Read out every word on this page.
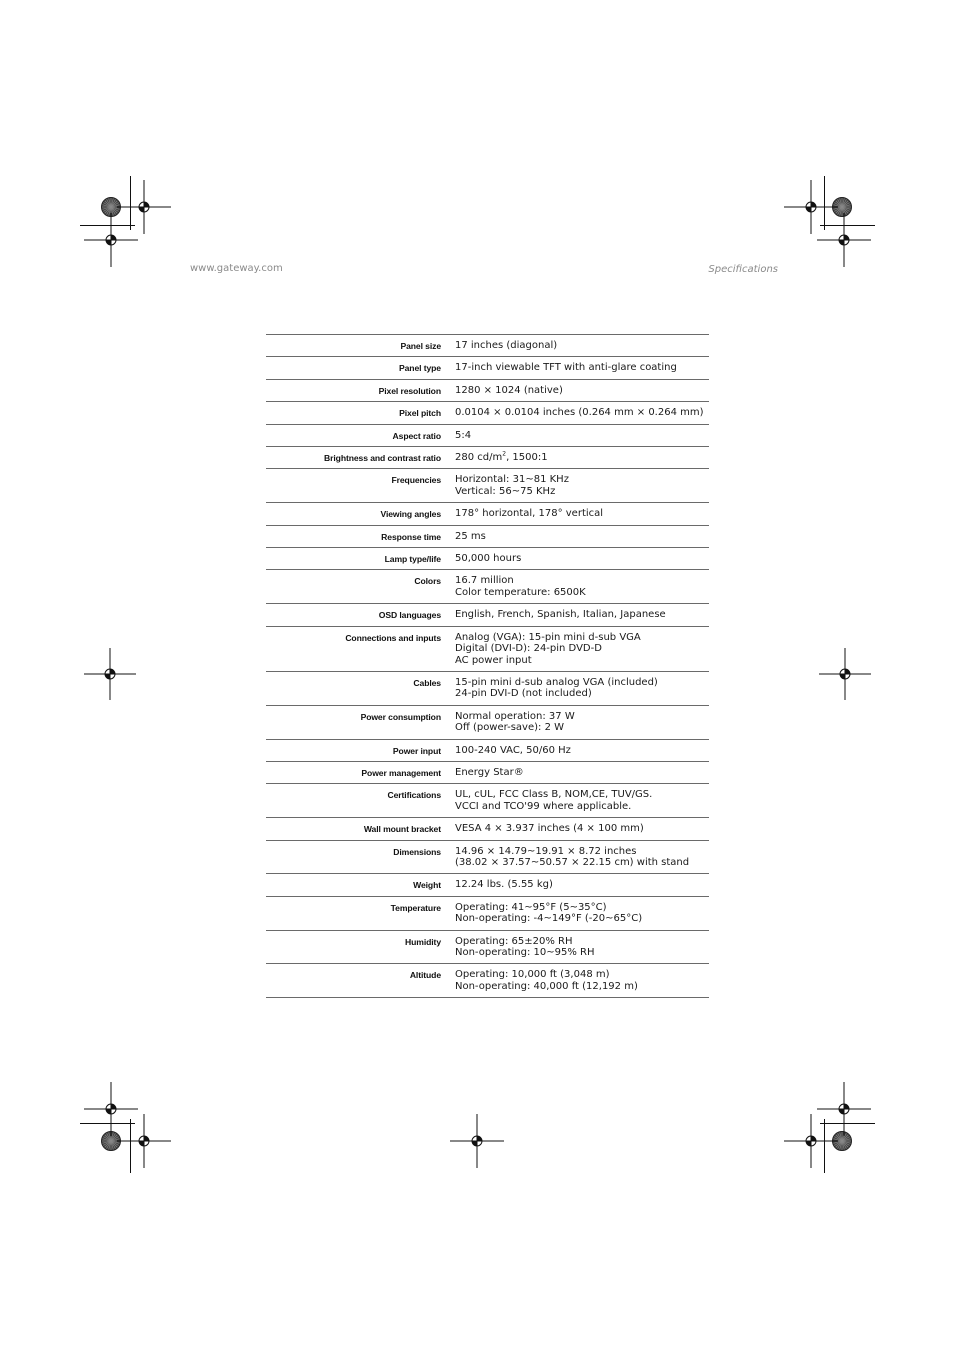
www.gateway.com	Specifications
Panel size 17 inches (diagonal)
Panel type 17-inch viewable TFT with anti-glare coating
Pixel resolution 1280 × 1024 (native)
Pixel pitch 0.0104 × 0.0104 inches (0.264 mm × 0.264 mm)
Aspect ratio 5:4
Brightness and contrast ratio 280 $cd/m^2$, 1500:1
Frequencies Horizontal: 31~81 KHz
Vertical: 56~75 KHz
Viewing angles 178° horizontal, 178° vertical
Response time 25 ms
Lamp type/life 50,000 hours
Colors 16.7 million
Color temperature: 6500K
OSD languages English, French, Spanish, Italian, Japanese
Connections and inputs Analog (VGA): 15-pin mini d-sub VGA
Digital (DVI-D): 24-pin DVD-D
AC power input
Cables 15-pin mini d-sub analog VGA (included)
24-pin DVI-D (not included)
Power consumption Normal operation: 37 W
Off (power-save): 2 W
Power input 100-240 VAC, 50/60 Hz
Power management Energy Star®
Certifications UL, cUL, FCC Class B, NOM,CE, TUV/GS.
VCCI and TCO'99 where applicable.
Wall mount bracket VESA 4 × 3.937 inches (4 × 100 mm)
Dimensions 14.96 × 14.79~19.91 × 8.72 inches
(38.02 × 37.57~50.57 × 22.15 cm) with stand
Weight 12.24 lbs. (5.55 kg)
Temperature Operating: 41~95°F (5~35°C)
Non-operating: -4~149°F (-20~65°C)
Humidity Operating: 65±20% RH
Non-operating: 10~95% RH
Altitude Operating: 10,000 ft (3,048 m)
Non-operating: 40,000 ft (12,192 m)
